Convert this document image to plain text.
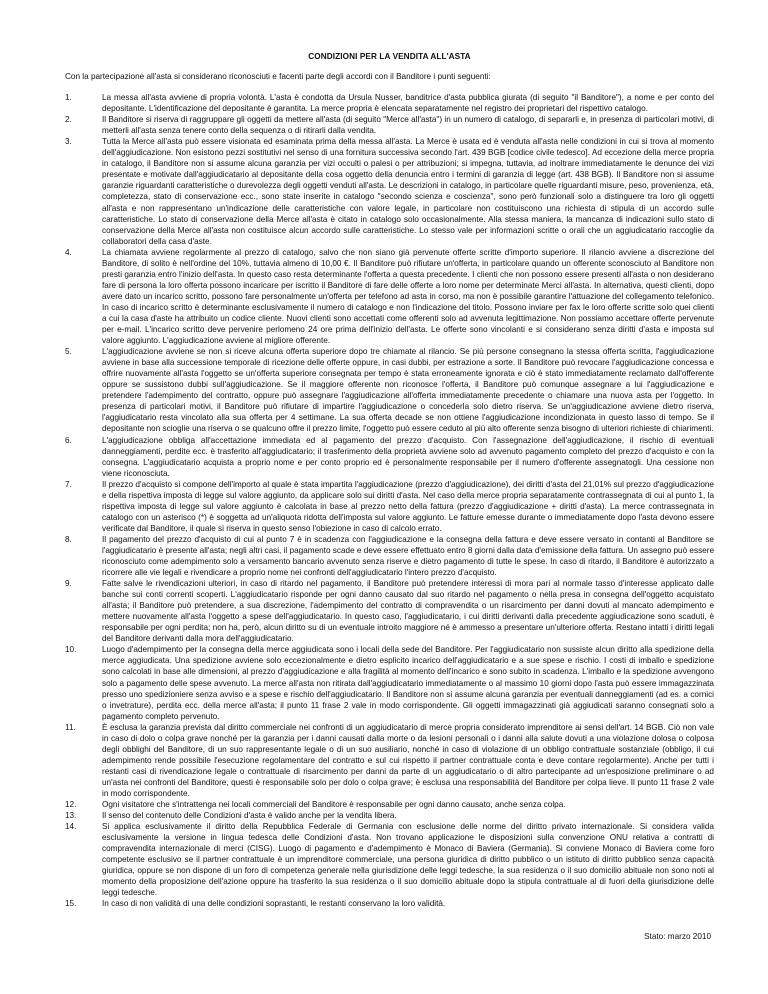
CONDIZIONI PER LA VENDITA ALL'ASTA
Con la partecipazione all'asta si considerano riconosciuti e facenti parte degli accordi con il Banditore i punti seguenti:
1.	La messa all'asta avviene di propria volontà. L'asta è condotta da Ursula Nusser, banditrice d'asta pubblica giurata (di seguito "il Banditore"), a nome e per conto del depositante. L'identificazione del depositante è garantita. La merce propria è elencata separatamente nel registro dei proprietari del rispettivo catalogo.
2.	Il Banditore si riserva di raggruppare gli oggetti da mettere all'asta (di seguito "Merce all'asta") in un numero di catalogo, di separarli e, in presenza di particolari motivi, di metterli all'asta senza tenere conto della sequenza o di ritirarli dalla vendita.
3.	Tutta la Merce all'asta può essere visionata ed esaminata prima della messa all'asta. La Merce è usata ed è venduta all'asta nelle condizioni in cui si trova al momento dell'aggiudicazione. Non esistono pezzi sostitutivi nel senso di una fornitura successiva secondo l'art. 439 BGB [codice civile tedesco]. Ad eccezione della merce propria in catalogo, il Banditore non si assume alcuna garanzia per vizi occulti o palesi o per attribuzioni; si impegna, tuttavia, ad inoltrare immediatamente le denunce dei vizi presentate e motivate dall'aggiudicatario al depositante della cosa oggetto della denuncia entro i termini di garanzia di legge (art. 438 BGB). Il Banditore non si assume garanzie riguardanti caratteristiche o durevolezza degli oggetti venduti all'asta. Le descrizioni in catalogo, in particolare quelle riguardanti misure, peso, provenienza, età, completezza, stato di conservazione ecc., sono state inserite in catalogo "secondo scienza e coscienza", sono però funzionali solo a distinguere tra loro gli oggetti all'asta e non rappresentano un'indicazione delle caratteristiche con valore legale, in particolare non costituiscono una richiesta di stipula di un accordo sulle caratteristiche. Lo stato di conservazione della Merce all'asta è citato in catalogo solo occasionalmente. Alla stessa maniera, la mancanza di indicazioni sullo stato di conservazione della Merce all'asta non costituisce alcun accordo sulle caratteristiche. Lo stesso vale per informazioni scritte o orali che un aggiudicatario raccoglie da collaboratori della casa d'aste.
4.	La chiamata avviene regolarmente al prezzo di catalogo, salvo che non siano già pervenute offerte scritte d'importo superiore. Il rilancio avviene a discrezione del Banditore, di solito è nell'ordine del 10%, tuttavia almeno di 10,00 €. Il Banditore può rifiutare un'offerta, in particolare quando un offerente sconosciuto al Banditore non presti garanzia entro l'inizio dell'asta. In questo caso resta determinante l'offerta a questa precedente. I clienti che non possono essere presenti all'asta o non desiderano fare di persona la loro offerta possono incaricare per iscritto il Banditore di fare delle offerte a loro nome per determinate Merci all'asta. In alternativa, questi clienti, dopo avere dato un incarico scritto, possono fare personalmente un'offerta per telefono ad asta in corso, ma non è possibile garantire l'attuazione del collegamento telefonico. In caso di incarico scritto è determinante esclusivamente il numero di catalogo e non l'indicazione del titolo. Possono inviare per fax le loro offerte scritte solo quei clienti a cui la casa d'aste ha attribuito un codice cliente. Nuovi clienti sono accettati come offerenti solo ad avvenuta legittimazione. Non possiamo accettare offerte pervenute per e-mail. L'incarico scritto deve pervenire perlomeno 24 ore prima dell'inizio dell'asta. Le offerte sono vincolanti e si considerano senza diritti d'asta e imposta sul valore aggiunto. L'aggiudicazione avviene al migliore offerente.
5.	L'aggiudicazione avviene se non si riceve alcuna offerta superiore dopo tre chiamate al rilancio. Se più persone consegnano la stessa offerta scritta, l'aggiudicazione avviene in base alla successione temporale di ricezione delle offerte oppure, in casi dubbi, per estrazione a sorte. Il Banditore può revocare l'aggiudicazione concessa e offrire nuovamente all'asta l'oggetto se un'offerta superiore consegnata per tempo è stata erroneamente ignorata e ciò è stato immediatamente reclamato dall'offerente oppure se sussistono dubbi sull'aggiudicazione. Se il maggiore offerente non riconosce l'offerta, il Banditore può comunque assegnare a lui l'aggiudicazione e pretendere l'adempimento del contratto, oppure può assegnare l'aggiudicazione all'offerta immediatamente precedente o chiamare una nuova asta per l'oggetto. In presenza di particolari motivi, il Banditore può rifiutare di impartire l'aggiudicazione o concederla solo dietro riserva. Se un'aggiudicazione avviene dietro riserva, l'aggiudicatario resta vincolato alla sua offerta per 4 settimane. La sua offerta decade se non ottiene l'aggiudicazione incondizionata in questo lasso di tempo. Se il depositante non scioglie una riserva o se qualcuno offre il prezzo limite, l'oggetto può essere ceduto al più alto offerente senza bisogno di ulteriori richieste di chiarimenti.
6.	L'aggiudicazione obbliga all'accettazione immediata ed al pagamento del prezzo d'acquisto. Con l'assegnazione dell'aggiudicazione, il rischio di eventuali danneggiamenti, perdite ecc. è trasferito all'aggiudicatario; il trasferimento della proprietà avviene solo ad avvenuto pagamento completo del prezzo d'acquisto e con la consegna. L'aggiudicatario acquista a proprio nome e per conto proprio ed è personalmente responsabile per il numero d'offerente assegnatogli. Una cessione non viene riconosciuta.
7.	Il prezzo d'acquisto si compone dell'importo al quale è stata impartita l'aggiudicazione (prezzo d'aggiudicazione), dei diritti d'asta del 21,01% sul prezzo d'aggiudicazione e della rispettiva imposta di legge sul valore aggiunto, da applicare solo sui diritti d'asta. Nel caso della merce propria separatamente contrassegnata di cui al punto 1, la rispettiva imposta di legge sul valore aggiunto è calcolata in base al prezzo netto della fattura (prezzo d'aggiudicazione + diritti d'asta). La merce contrassegnata in catalogo con un asterisco (*) è soggetta ad un'aliquota ridotta dell'imposta sul valore aggiunto. Le fatture emesse durante o immediatamente dopo l'asta devono essere verificate dal Banditore, il quale si riserva in questo senso l'obiezione in caso di calcolo errato.
8.	Il pagamento del prezzo d'acquisto di cui al punto 7 è in scadenza con l'aggiudicazione e la consegna della fattura e deve essere versato in contanti al Banditore se l'aggiudicatario è presente all'asta; negli altri casi, il pagamento scade e deve essere effettuato entro 8 giorni dalla data d'emissione della fattura. Un assegno può essere riconosciuto come adempimento solo a versamento bancario avvenuto senza riserve e dietro pagamento di tutte le spese. In caso di ritardo, il Banditore è autorizzato a ricorrere alle vie legali e rivendicare a proprio nome nei confronti dell'aggiudicatario l'intero prezzo d'acquisto.
9.	Fatte salve le rivendicazioni ulteriori, in caso di ritardo nel pagamento, il Banditore può pretendere interessi di mora pari al normale tasso d'interesse applicato dalle banche sui conti correnti scoperti. L'aggiudicatario risponde per ogni danno causato dal suo ritardo nel pagamento o nella presa in consegna dell'oggetto acquistato all'asta; il Banditore può pretendere, a sua discrezione, l'adempimento del contratto di compravendita o un risarcimento per danni dovuti al mancato adempimento e mettere nuovamente all'asta l'oggetto a spese dell'aggiudicatario. In questo caso, l'aggiudicatario, i cui diritti derivanti dalla precedente aggiudicazione sono scaduti, è responsabile per ogni perdita; non ha, però, alcun diritto su di un eventuale introito maggiore né è ammesso a presentare un'ulteriore offerta. Restano intatti i diritti legali del Banditore derivanti dalla mora dell'aggiudicatario.
10.	Luogo d'adempimento per la consegna della merce aggiudicata sono i locali della sede del Banditore. Per l'aggiudicatario non sussiste alcun diritto alla spedizione della merce aggiudicata. Una spedizione avviene solo eccezionalmente e dietro esplicito incarico dell'aggiudicatario e a sue spese e rischio. I costi di imballo e spedizione sono calcolati in base alle dimensioni, al prezzo d'aggiudicazione e alla fragilità al momento dell'incarico e sono subito in scadenza. L'imballo e la spedizione avvengono solo a pagamento delle spese avvenuto. La merce all'asta non ritirata dall'aggiudicatario immediatamente o al massimo 10 giorni dopo l'asta può essere immagazzinata presso uno spedizioniere senza avviso e a spese e rischio dell'aggiudicatario. Il Banditore non si assume alcuna garanzia per eventuali danneggiamenti (ad es. a cornici o invetrature), perdita ecc. della merce all'asta; il punto 11 frase 2 vale in modo corrispondente. Gli oggetti immagazzinati già aggiudicati saranno consegnati solo a pagamento completo pervenuto.
11.	È esclusa la garanzia prevista dal diritto commerciale nei confronti di un aggiudicatario di merce propria considerato imprenditore ai sensi dell'art. 14 BGB. Ciò non vale in caso di dolo o colpa grave nonché per la garanzia per i danni causati dalla morte o da lesioni personali o i danni alla salute dovuti a una violazione dolosa o colposa degli obblighi del Banditore, di un suo rappresentante legale o di un suo ausiliario, nonché in caso di violazione di un obbligo contrattuale sostanziale (obbligo, il cui adempimento rende possibile l'esecuzione regolamentare del contratto e sul cui rispetto il partner contrattuale conta e deve contare regolarmente). Anche per tutti i restanti casi di rivendicazione legale o contrattuale di risarcimento per danni da parte di un aggiudicatario o di altro partecipante ad un'esposizione preliminare o ad un'asta nei confronti del Banditore, questi è responsabile solo per dolo o colpa grave; è esclusa una responsabilità del Banditore per colpa lieve. Il punto 11 frase 2 vale in modo corrispondente.
12.	Ogni visitatore che s'intrattenga nei locali commerciali del Banditore è responsabile per ogni danno causato, anche senza colpa.
13.	Il senso del contenuto delle Condizioni d'asta è valido anche per la vendita libera.
14.	Si applica esclusivamente il diritto della Repubblica Federale di Germania con esclusione delle norme del diritto privato internazionale. Si considera valida esclusivamente la versione in lingua tedesca delle Condizioni d'asta. Non trovano applicazione le disposizioni sulla convenzione ONU relativa a contratti di compravendita internazionale di merci (CISG). Luogo di pagamento e d'adempimento è Monaco di Baviera (Germania). Si conviene Monaco di Baviera come foro competente esclusivo se il partner contrattuale è un imprenditore commerciale, una persona giuridica di diritto pubblico o un istituto di diritto pubblico senza capacità giuridica, oppure se non dispone di un foro di competenza generale nella giurisdizione delle leggi tedesche, la sua residenza o il suo domicilio abituale non sono noti al momento della proposizione dell'azione oppure ha trasferito la sua residenza o il suo domicilio abituale dopo la stipula contrattuale al di fuori della giurisdizione delle leggi tedesche.
15.	In caso di non validità di una delle condizioni soprastanti, le restanti conservano la loro validità.
Stato: marzo 2010
